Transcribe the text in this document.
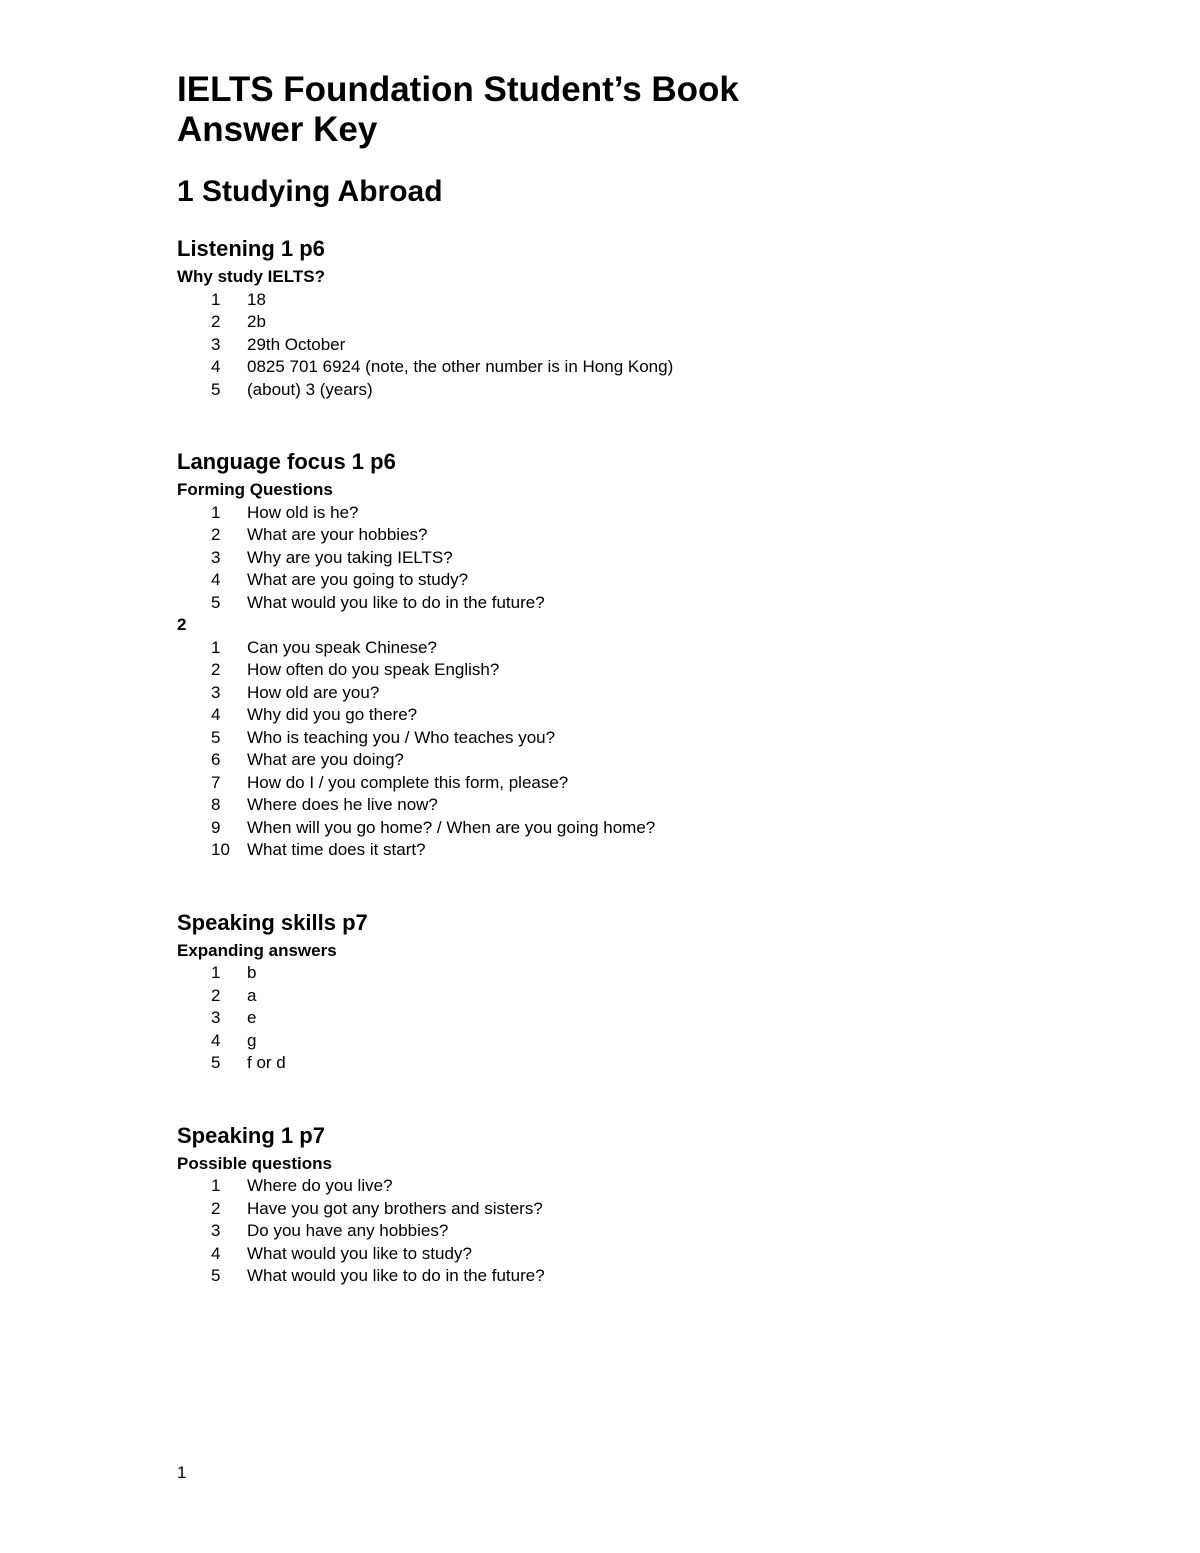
IELTS Foundation Student’s Book
Answer Key
1 Studying Abroad
Listening 1 p6
Why study IELTS?
1	18
2	2b
3	29th October
4	0825 701 6924 (note, the other number is in Hong Kong)
5	(about) 3 (years)
Language focus 1 p6
Forming Questions
1	How old is he?
2	What are your hobbies?
3	Why are you taking IELTS?
4	What are you going to study?
5	What would you like to do in the future?
2
1	Can you speak Chinese?
2	How often do you speak English?
3	How old are you?
4	Why did you go there?
5	Who is teaching you / Who teaches you?
6	What are you doing?
7	How do I / you complete this form, please?
8	Where does he live now?
9	When will you go home? / When are you going home?
10	What time does it start?
Speaking skills p7
Expanding answers
1	b
2	a
3	e
4	g
5	f or d
Speaking 1 p7
Possible questions
1	Where do you live?
2	Have you got any brothers and sisters?
3	Do you have any hobbies?
4	What would you like to study?
5	What would you like to do in the future?
1
